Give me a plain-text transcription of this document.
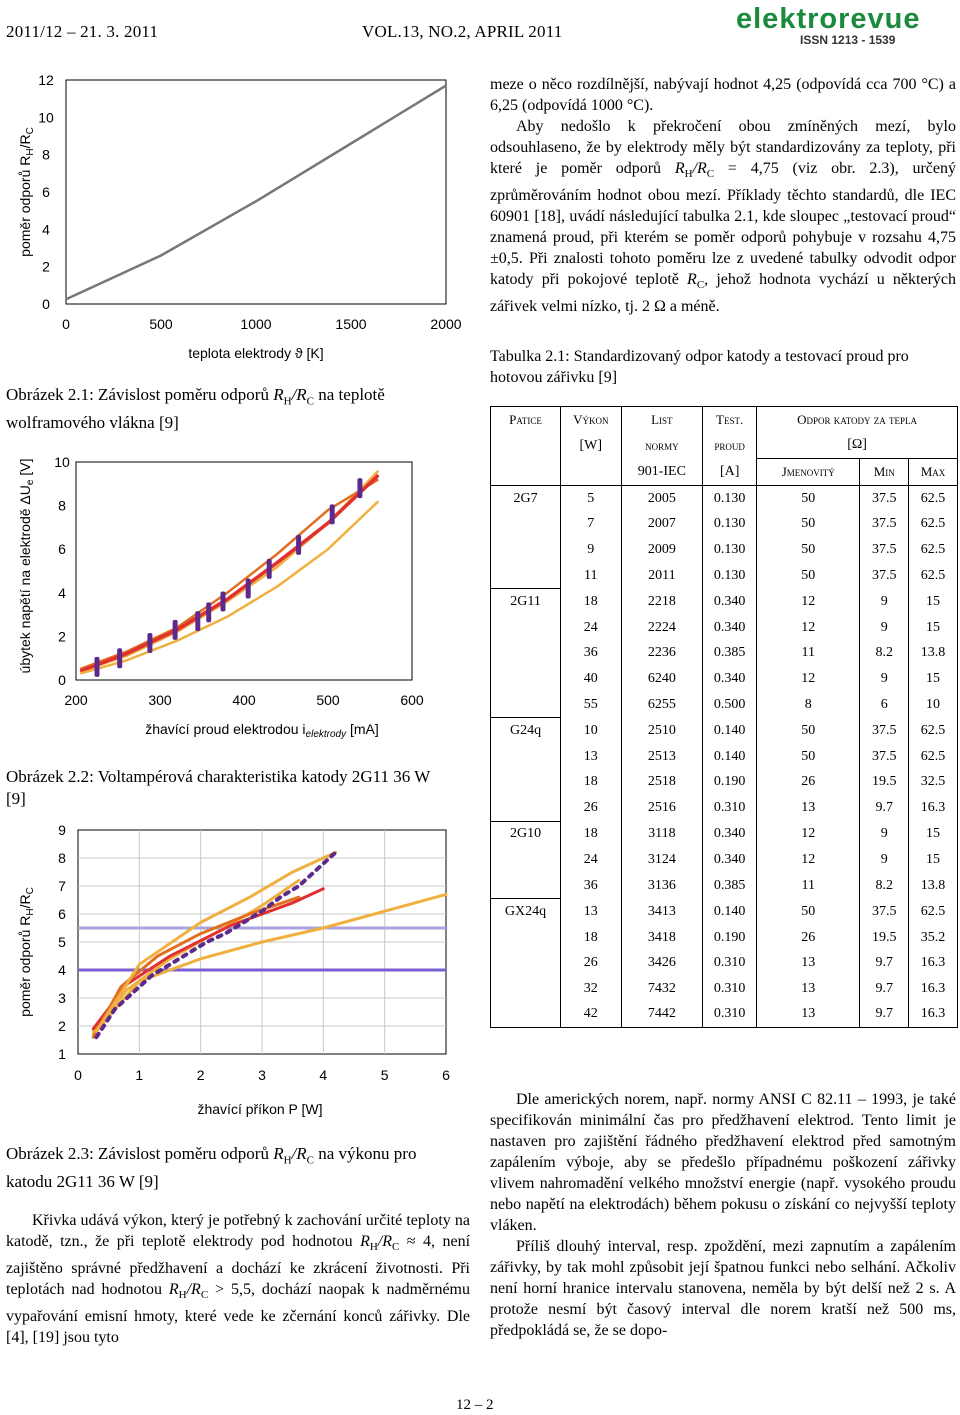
2011/12 – 21. 3. 2011	VOL.13, NO.2, APRIL 2011	elektrorevue
ISSN 1213 - 1539
0
2
4
6
8
10
12
0	500	1000	1500	2000
teplota elektrody ϑ [K]
poměr odporů $R_H/R_C$
Obrázek 2.1: Závislost poměru odporů $R_H/R_C$ na teplotě
wolframového vlákna [9]
0
2
4
6
8
10
200	300	400	500	600
žhavící proud elektrodou $i_{elektrody}$ [mA]
úbytek napětí na elektrodě $\Delta U_e$ [V]
Obrázek 2.2: Voltampérová charakteristika katody 2G11 36 W
[9]
1
2
3
4
5
6
7
8
9
0	1	2	3	4	5	6
žhavící příkon P [W]
poměr odporů $R_H/R_C$
Obrázek 2.3: Závislost poměru odporů $R_H/R_C$ na výkonu pro
katodu 2G11 36 W [9]

Křivka udává výkon, který je potřebný k zachování určité teploty na katodě, tzn., že při teplotě elektrody pod hodnotou $R_H/R_C \approx 4$, není zajištěno správné předžhavení a dochází ke zkrácení životnosti. Při teplotách nad hodnotou $R_H/R_C > 5,5$, dochází naopak k nadměrnému vypařování emisní hmoty, které vede ke zčernání konců zářivky. Dle [4], [19] jsou tyto

meze o něco rozdílnější, nabývají hodnot 4,25 (odpovídá cca 700 °C) a 6,25 (odpovídá 1000 °C).

Aby nedošlo k překročení obou zmíněných mezí, bylo odsouhlaseno, že by elektrody měly být standardizovány za teploty, při které je poměr odporů $R_H/R_C = 4,75$ (viz obr. 2.3), určený zprůměrováním hodnot obou mezí. Příklady těchto standardů, dle IEC 60901 [18], uvádí následující tabulka 2.1, kde sloupec „testovací proud“ znamená proud, při kterém se poměr odporů pohybuje v rozsahu 4,75 ±0,5. Při znalosti tohoto poměru lze z uvedené tabulky odvodit odpor katody při pokojové teplotě $R_C$, jehož hodnota vychází u některých zářivek velmi nízko, tj. 2 Ω a méně.

Tabulka 2.1: Standardizovaný odpor katody a testovací proud pro hotovou zářivku [9]
Patice	Výkon	List	Test.	Odpor katody za tepla		
	[W]	normy	proud	[Ω]		
		901-IEC	[A]	Jmenovitý	Min	Max
2G7	5	2005	0.130	50	37.5	62.5
	7	2007	0.130	50	37.5	62.5
	9	2009	0.130	50	37.5	62.5
	11	2011	0.130	50	37.5	62.5
2G11	18	2218	0.340	12	9	15
	24	2224	0.340	12	9	15
	36	2236	0.385	11	8.2	13.8
	40	6240	0.340	12	9	15
	55	6255	0.500	8	6	10
G24q	10	2510	0.140	50	37.5	62.5
	13	2513	0.140	50	37.5	62.5
	18	2518	0.190	26	19.5	32.5
	26	2516	0.310	13	9.7	16.3
2G10	18	3118	0.340	12	9	15
	24	3124	0.340	12	9	15
	36	3136	0.385	11	8.2	13.8
GX24q	13	3413	0.140	50	37.5	62.5
	18	3418	0.190	26	19.5	35.2
	26	3426	0.310	13	9.7	16.3
	32	7432	0.310	13	9.7	16.3
	42	7442	0.310	13	9.7	16.3

Dle amerických norem, např. normy ANSI C 82.11 – 1993, je také specifikován minimální čas pro předžhavení elektrod. Tento limit je nastaven pro zajištění řádného předžhavení elektrod před samotným zapálením výboje, aby se předešlo případnému poškození zářivky vlivem nahromadění velkého množství energie (např. vysokého proudu nebo napětí na elektrodách) během pokusu o získání co nejvyšší teploty vláken.

Příliš dlouhý interval, resp. zpoždění, mezi zapnutím a zapálením zářivky, by tak mohl způsobit její špatnou funkci nebo selhání. Ačkoliv není horní hranice intervalu stanovena, neměla by být delší než 2 s. A protože nesmí být časový interval dle norem kratší než 500 ms, předpokládá se, že se dopo-

12 – 2
